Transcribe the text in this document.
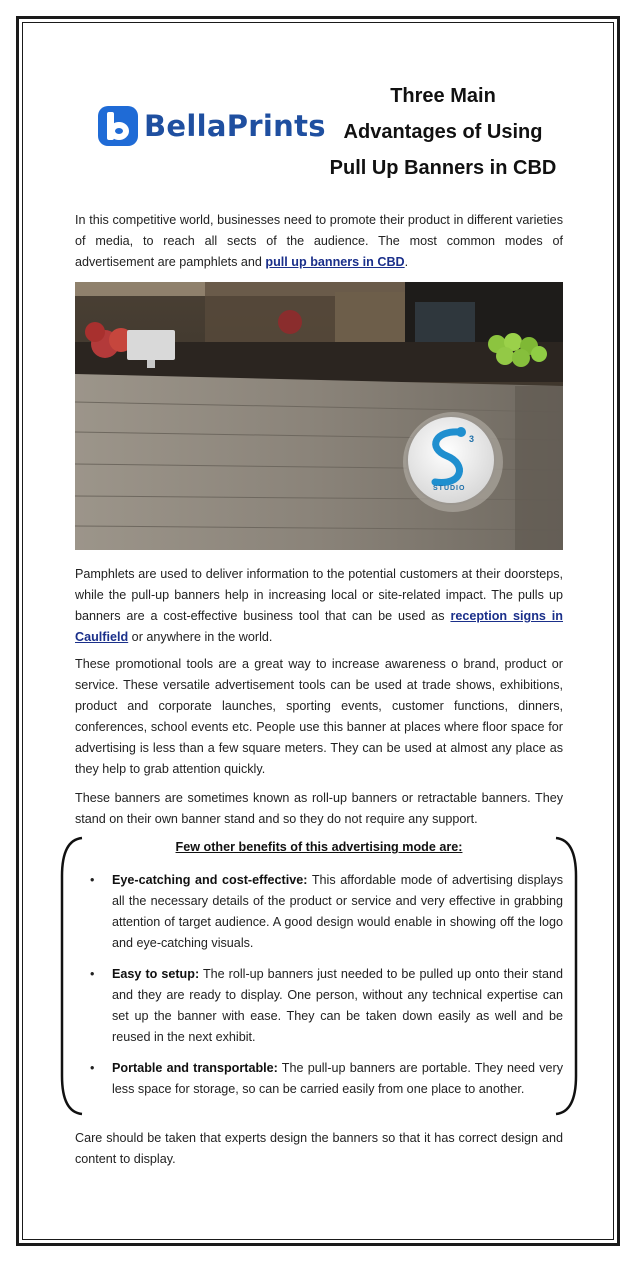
BellaPrints
Three Main
Advantages of Using
Pull Up Banners in CBD

In this competitive world, businesses need to promote their product in different varieties of media, to reach all sects of the audience. The most common modes of advertisement are pamphlets and pull up banners in CBD.

3
STUDIO

Pamphlets are used to deliver information to the potential customers at their doorsteps, while the pull-up banners help in increasing local or site-related impact. The pulls up banners are a cost-effective business tool that can be used as reception signs in Caulfield or anywhere in the world.

These promotional tools are a great way to increase awareness o brand, product or service. These versatile advertisement tools can be used at trade shows, exhibitions, product and corporate launches, sporting events, customer functions, dinners, conferences, school events etc. People use this banner at places where floor space for advertising is less than a few square meters. They can be used at almost any place as they help to grab attention quickly.

These banners are sometimes known as roll-up banners or retractable banners. They stand on their own banner stand and so they do not require any support.

Few other benefits of this advertising mode are:
• Eye-catching and cost-effective: This affordable mode of advertising displays all the necessary details of the product or service and very effective in grabbing attention of target audience. A good design would enable in showing off the logo and eye-catching visuals.
• Easy to setup: The roll-up banners just needed to be pulled up onto their stand and they are ready to display. One person, without any technical expertise can set up the banner with ease. They can be taken down easily as well and be reused in the next exhibit.
• Portable and transportable: The pull-up banners are portable. They need very less space for storage, so can be carried easily from one place to another.

Care should be taken that experts design the banners so that it has correct design and content to display.
